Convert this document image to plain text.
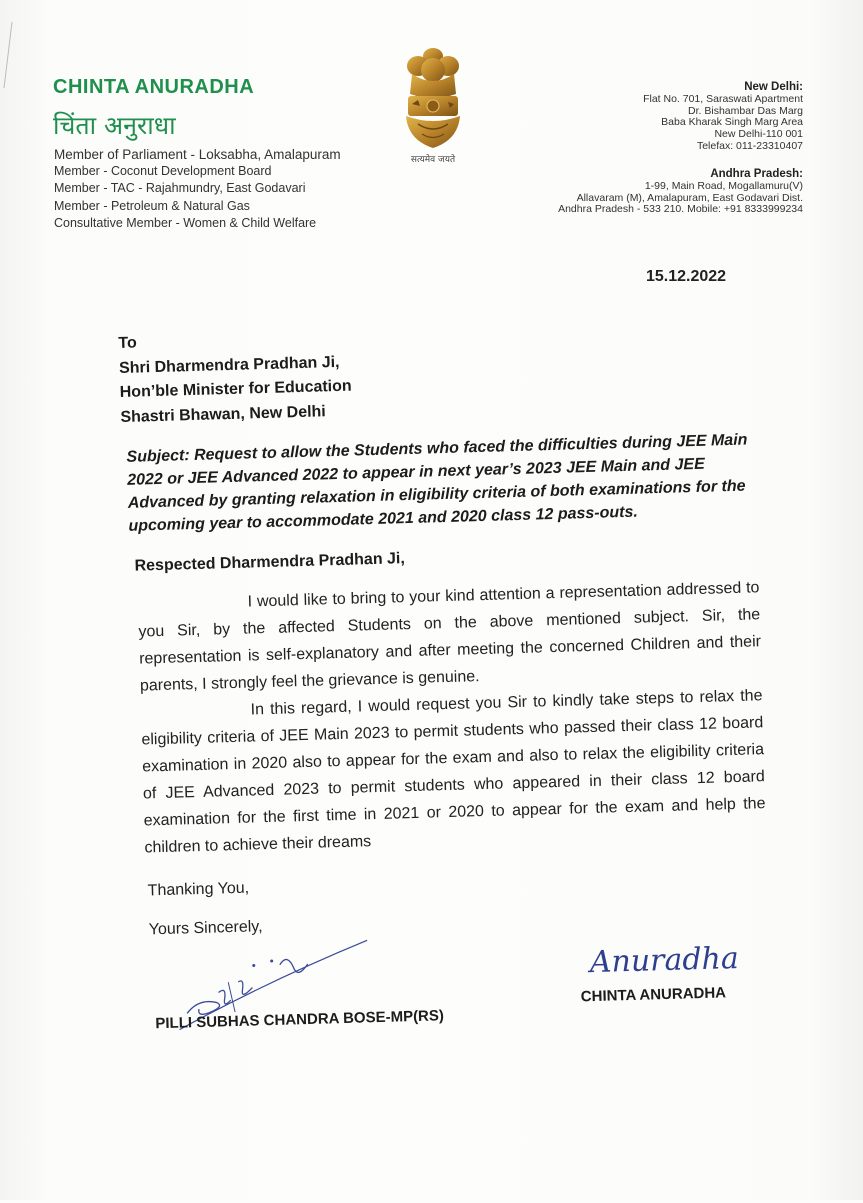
CHINTA ANURADHA
चिंता अनुराधा
Member of Parliament - Loksabha, Amalapuram
Member - Coconut Development Board
Member - TAC - Rajahmundry, East Godavari
Member - Petroleum & Natural Gas
Consultative Member - Women & Child Welfare
सत्यमेव जयते
New Delhi:
Flat No. 701, Saraswati Apartment
Dr. Bishambar Das Marg
Baba Kharak Singh Marg Area
New Delhi-110 001
Telefax: 011-23310407
Andhra Pradesh:
1-99, Main Road, Mogallamuru(V)
Allavaram (M), Amalapuram, East Godavari Dist.
Andhra Pradesh - 533 210. Mobile: +91 8333999234
15.12.2022
To
Shri Dharmendra Pradhan Ji,
Hon’ble Minister for Education
Shastri Bhawan, New Delhi
Subject: Request to allow the Students who faced the difficulties during JEE Main 2022 or JEE Advanced 2022 to appear in next year’s 2023 JEE Main and JEE Advanced by granting relaxation in eligibility criteria of both examinations for the upcoming year to accommodate 2021 and 2020 class 12 pass-outs.
Respected Dharmendra Pradhan Ji,
I would like to bring to your kind attention a representation addressed to you Sir, by the affected Students on the above mentioned subject. Sir, the representation is self-explanatory and after meeting the concerned Children and their parents, I strongly feel the grievance is genuine.
In this regard, I would request you Sir to kindly take steps to relax the eligibility criteria of JEE Main 2023 to permit students who passed their class 12 board examination in 2020 also to appear for the exam and also to relax the eligibility criteria of JEE Advanced 2023 to permit students who appeared in their class 12 board examination for the first time in 2021 or 2020 to appear for the exam and help the children to achieve their dreams
Thanking You,
Yours Sincerely,
PILLI SUBHAS CHANDRA BOSE-MP(RS)
Anuradha
CHINTA ANURADHA
